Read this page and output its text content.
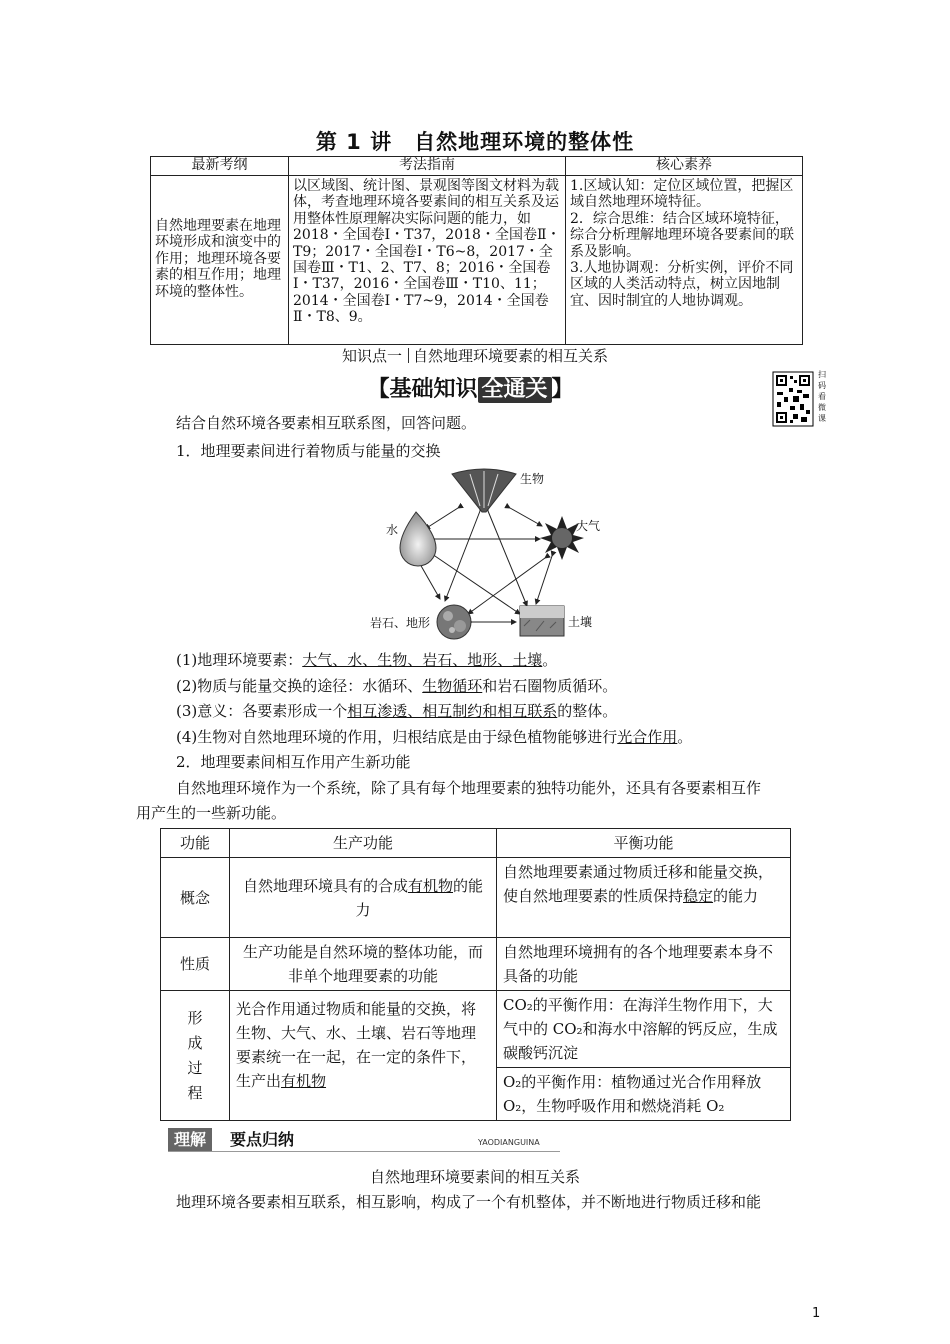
第 1 讲　自然地理环境的整体性
最新考纲	考法指南	核心素养
自然地理要素在地理环境形成和演变中的作用；地理环境各要素的相互作用；地理环境的整体性。	以区域图、统计图、景观图等图文材料为载体，考查地理环境各要素间的相互关系及运用整体性原理解决实际问题的能力，如 2018・全国卷Ⅰ・T37，2018・全国卷Ⅱ・T9；2017・全国卷Ⅰ・T6~8，2017・全国卷Ⅲ・T1、2、T7、8；2016・全国卷Ⅰ・T37，2016・全国卷Ⅲ・T10、11；2014・全国卷Ⅰ・T7~9，2014・全国卷Ⅱ・T8、9。	1.区域认知：定位区域位置，把握区域自然地理环境特征。
2．综合思维：结合区域环境特征，综合分析理解地理环境各要素间的联系及影响。
3.人地协调观：分析实例，评价不同区域的人类活动特点，树立因地制宜、因时制宜的人地协调观。
知识点一 自然地理环境要素的相互关系
【基础知识 全通关 】
扫码看微课

结合自然环境各要素相互联系图，回答问题。

1．地理要素间进行着物质与能量的交换

生物
水	大气
岩石、地形	土壤

(1)地理环境要素：大气、水、生物、岩石、地形、土壤。

(2)物质与能量交换的途径：水循环、生物循环和岩石圈物质循环。

(3)意义：各要素形成一个相互渗透、相互制约和相互联系的整体。

(4)生物对自然地理环境的作用，归根结底是由于绿色植物能够进行光合作用。

2．地理要素间相互作用产生新功能

自然地理环境作为一个系统，除了具有每个地理要素的独特功能外，还具有各要素相互作

用产生的一些新功能。

功能	生产功能	平衡功能
概念	自然地理环境具有的合成有机物的能力	自然地理要素通过物质迁移和能量交换，使自然地理要素的性质保持稳定的能力
性质	生产功能是自然环境的整体功能，而非单个地理要素的功能	自然地理环境拥有的各个地理要素本身不具备的功能
形成过程	光合作用通过物质和能量的交换，将生物、大气、水、土壤、岩石等地理要素统一在一起，在一定的条件下，生产出有机物	CO₂的平衡作用：在海洋生物作用下，大气中的 CO₂和海水中溶解的钙反应，生成碳酸钙沉淀
		O₂的平衡作用：植物通过光合作用释放 O₂，生物呼吸作用和燃烧消耗 O₂
理解	要点归纳	YAODIANGUINA

自然地理环境要素间的相互关系

地理环境各要素相互联系，相互影响，构成了一个有机整体，并不断地进行物质迁移和能

1
